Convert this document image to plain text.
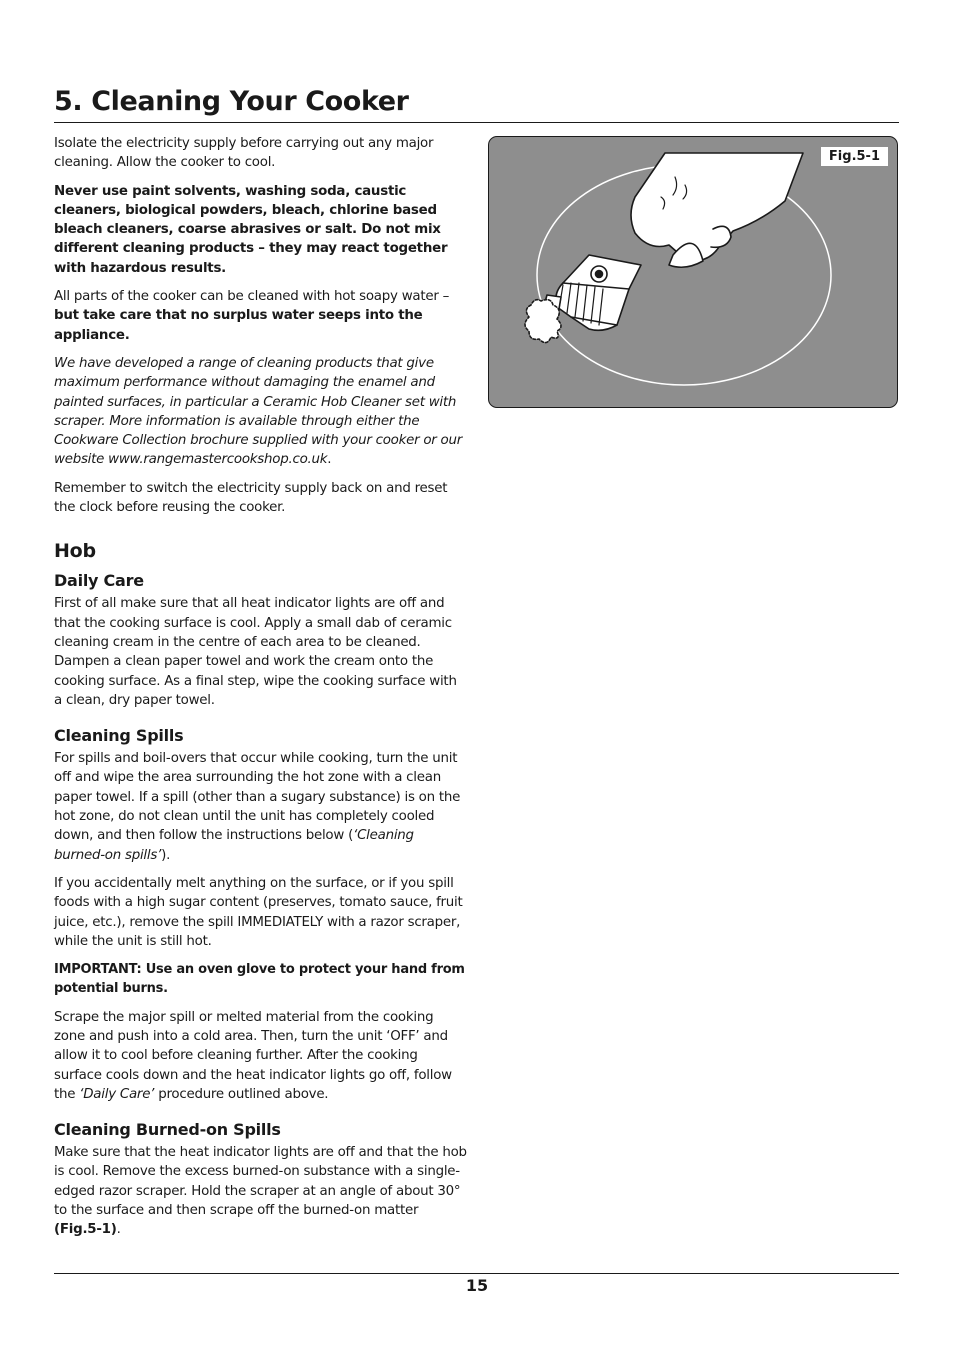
5. Cleaning Your Cooker

Isolate the electricity supply before carrying out any major cleaning. Allow the cooker to cool.

Never use paint solvents, washing soda, caustic cleaners, biological powders, bleach, chlorine based bleach cleaners, coarse abrasives or salt. Do not mix different cleaning products – they may react together with hazardous results.

All parts of the cooker can be cleaned with hot soapy water – but take care that no surplus water seeps into the appliance.

We have developed a range of cleaning products that give maximum performance without damaging the enamel and painted surfaces, in particular a Ceramic Hob Cleaner set with scraper. More information is available through either the Cookware Collection brochure supplied with your cooker or our website www.rangemastercookshop.co.uk.

Remember to switch the electricity supply back on and reset the clock before reusing the cooker.

Hob
Daily Care

First of all make sure that all heat indicator lights are off and that the cooking surface is cool. Apply a small dab of ceramic cleaning cream in the centre of each area to be cleaned. Dampen a clean paper towel and work the cream onto the cooking surface. As a final step, wipe the cooking surface with a clean, dry paper towel.

Cleaning Spills

For spills and boil-overs that occur while cooking, turn the unit off and wipe the area surrounding the hot zone with a clean paper towel. If a spill (other than a sugary substance) is on the hot zone, do not clean until the unit has completely cooled down, and then follow the instructions below (‘Cleaning burned-on spills’).

If you accidentally melt anything on the surface, or if you spill foods with a high sugar content (preserves, tomato sauce, fruit juice, etc.), remove the spill IMMEDIATELY with a razor scraper, while the unit is still hot.

IMPORTANT: Use an oven glove to protect your hand from potential burns.

Scrape the major spill or melted material from the cooking zone and push into a cold area. Then, turn the unit ‘OFF’ and allow it to cool before cleaning further. After the cooking surface cools down and the heat indicator lights go off, follow the ‘Daily Care’ procedure outlined above.

Cleaning Burned-on Spills

Make sure that the heat indicator lights are off and that the hob is cool. Remove the excess burned-on substance with a single-edged razor scraper. Hold the scraper at an angle of about 30° to the surface and then scrape off the burned-on matter (Fig.5-1).

Fig.5-1
15
